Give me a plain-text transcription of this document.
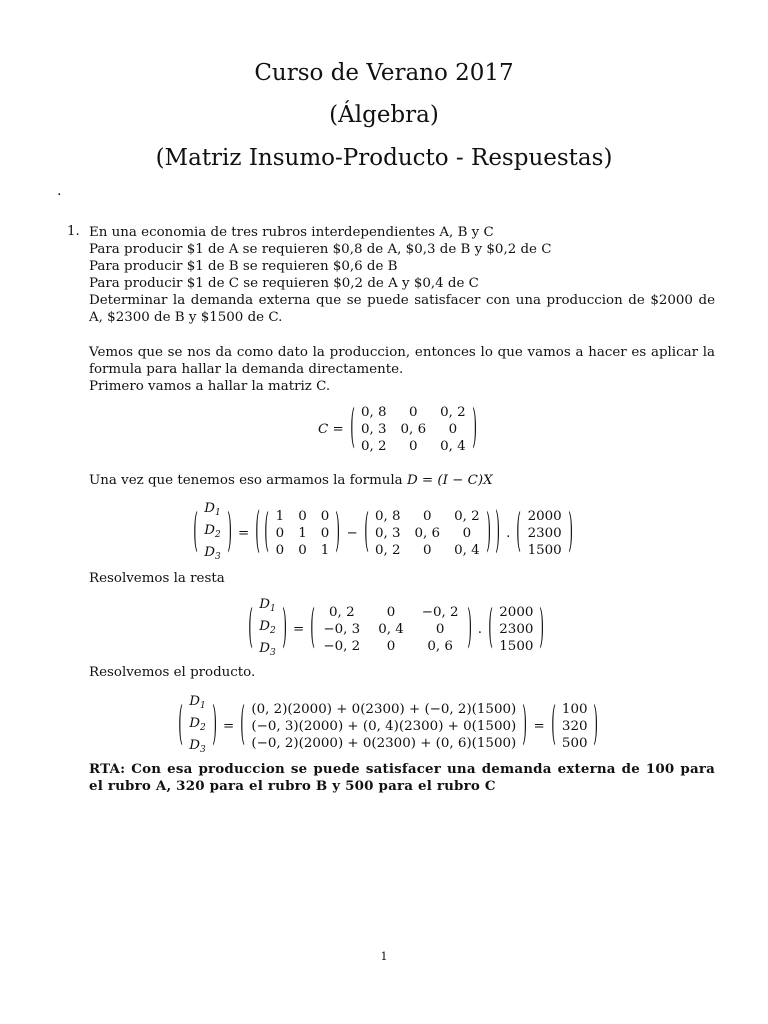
Curso de Verano 2017
(Álgebra)
(Matriz Insumo-Producto - Respuestas)
.
1. En una economia de tres rubros interdependientes A, B y C
Para producir $1 de A se requieren $0,8 de A, $0,3 de B y $0,2 de C
Para producir $1 de B se requieren $0,6 de B
Para producir $1 de C se requieren $0,2 de A y $0,4 de C
Determinar la demanda externa que se puede satisfacer con una produccion de $2000 de A, $2300 de B y $1500 de C.
Vemos que se nos da como dato la produccion, entonces lo que vamos a hacer es aplicar la formula para hallar la demanda directamente.
Primero vamos a hallar la matriz C.
C = ( 0, 8	0	0, 2
0, 3 0, 6	0
0, 2	0	0, 4 )
Una vez que tenemos eso armamos la formula D = (I − C)X
( $D_1$
$D_2$
$D_3$ ) = ( ( 1 0 0
0 1 0
0 0 1 ) − ( 0, 8	0	0, 2
0, 3 0, 6	0
0, 2	0	0, 4 ) ) . ( 2000
2300
1500 )
Resolvemos la resta
( $D_1$
$D_2$
$D_3$ ) = (	0, 2	0	−0, 2
−0, 3 0, 4	0
−0, 2	0	0, 6	) . ( 2000
2300
1500 )
Resolvemos el producto.
( $D_1$
$D_2$
$D_3$ ) = ( (0, 2)(2000) + 0(2300) + (−0, 2)(1500)
(−0, 3)(2000) + (0, 4)(2300) + 0(1500)
(−0, 2)(2000) + 0(2300) + (0, 6)(1500) ) = ( 100
320
500 )
RTA: Con esa produccion se puede satisfacer una demanda externa de 100 para el rubro A, 320 para el rubro B y 500 para el rubro C
1
